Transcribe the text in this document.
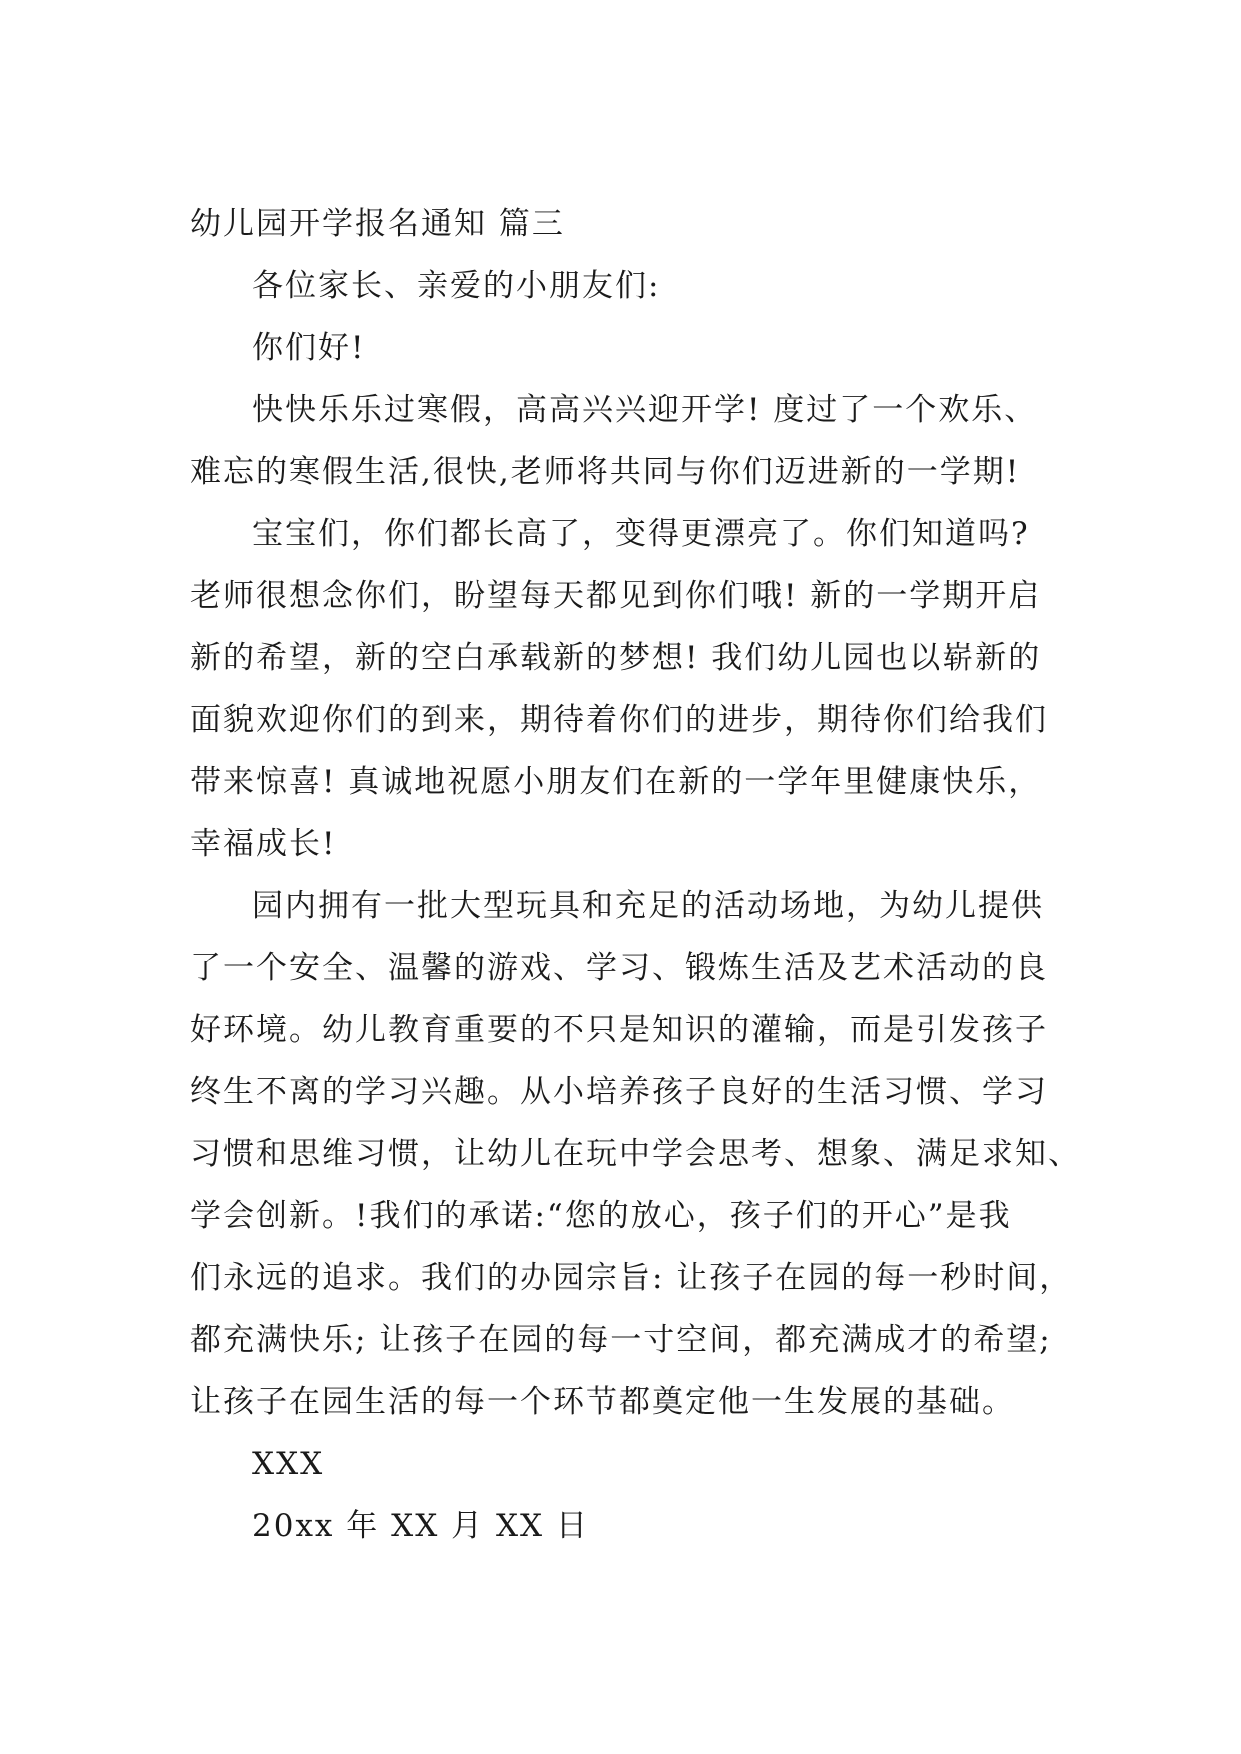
幼儿园开学报名通知 篇三

各位家长、亲爱的小朋友们:

你们好!

快快乐乐过寒假，高高兴兴迎开学! 度过了一个欢乐、

难忘的寒假生活,很快,老师将共同与你们迈进新的一学期!

宝宝们，你们都长高了，变得更漂亮了。你们知道吗?

老师很想念你们，盼望每天都见到你们哦! 新的一学期开启

新的希望，新的空白承载新的梦想! 我们幼儿园也以崭新的

面貌欢迎你们的到来，期待着你们的进步，期待你们给我们

带来惊喜! 真诚地祝愿小朋友们在新的一学年里健康快乐，

幸福成长!

园内拥有一批大型玩具和充足的活动场地，为幼儿提供

了一个安全、温馨的游戏、学习、锻炼生活及艺术活动的良

好环境。幼儿教育重要的不只是知识的灌输，而是引发孩子

终生不离的学习兴趣。从小培养孩子良好的生活习惯、学习

习惯和思维习惯，让幼儿在玩中学会思考、想象、满足求知、

学会创新。!我们的承诺:“您的放心，孩子们的开心”是我

们永远的追求。我们的办园宗旨: 让孩子在园的每一秒时间，

都充满快乐; 让孩子在园的每一寸空间，都充满成才的希望;

让孩子在园生活的每一个环节都奠定他一生发展的基础。

XXX

20xx 年 XX 月 XX 日
